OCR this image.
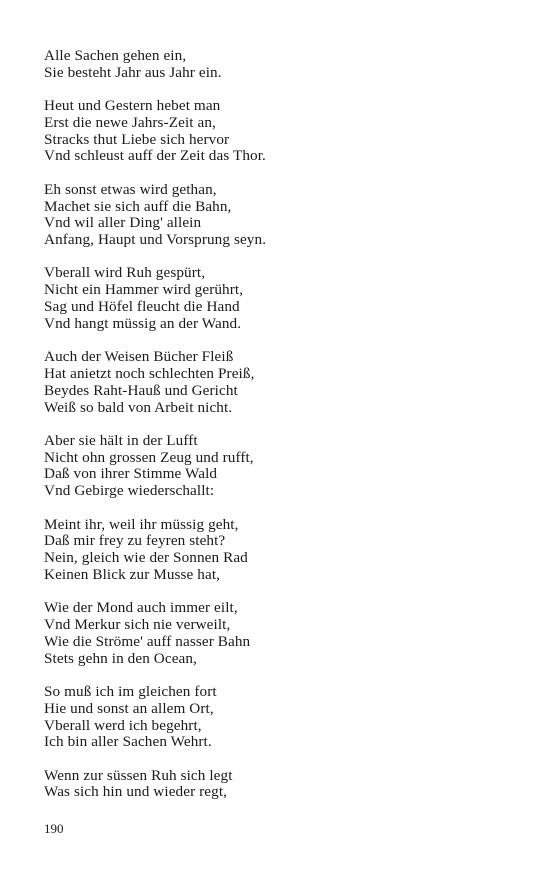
Alle Sachen gehen ein,
Sie besteht Jahr aus Jahr ein.
Heut und Gestern hebet man
Erst die newe Jahrs-Zeit an,
Stracks thut Liebe sich hervor
Vnd schleust auff der Zeit das Thor.
Eh sonst etwas wird gethan,
Machet sie sich auff die Bahn,
Vnd wil aller Ding' allein
Anfang, Haupt und Vorsprung seyn.
Vberall wird Ruh gespürt,
Nicht ein Hammer wird gerührt,
Sag und Höfel fleucht die Hand
Vnd hangt müssig an der Wand.
Auch der Weisen Bücher Fleiß
Hat anietzt noch schlechten Preiß,
Beydes Raht-Hauß und Gericht
Weiß so bald von Arbeit nicht.
Aber sie hält in der Lufft
Nicht ohn grossen Zeug und rufft,
Daß von ihrer Stimme Wald
Vnd Gebirge wiederschallt:
Meint ihr, weil ihr müssig geht,
Daß mir frey zu feyren steht?
Nein, gleich wie der Sonnen Rad
Keinen Blick zur Musse hat,
Wie der Mond auch immer eilt,
Vnd Merkur sich nie verweilt,
Wie die Ströme' auff nasser Bahn
Stets gehn in den Ocean,
So muß ich im gleichen fort
Hie und sonst an allem Ort,
Vberall werd ich begehrt,
Ich bin aller Sachen Wehrt.
Wenn zur süssen Ruh sich legt
Was sich hin und wieder regt,
190
